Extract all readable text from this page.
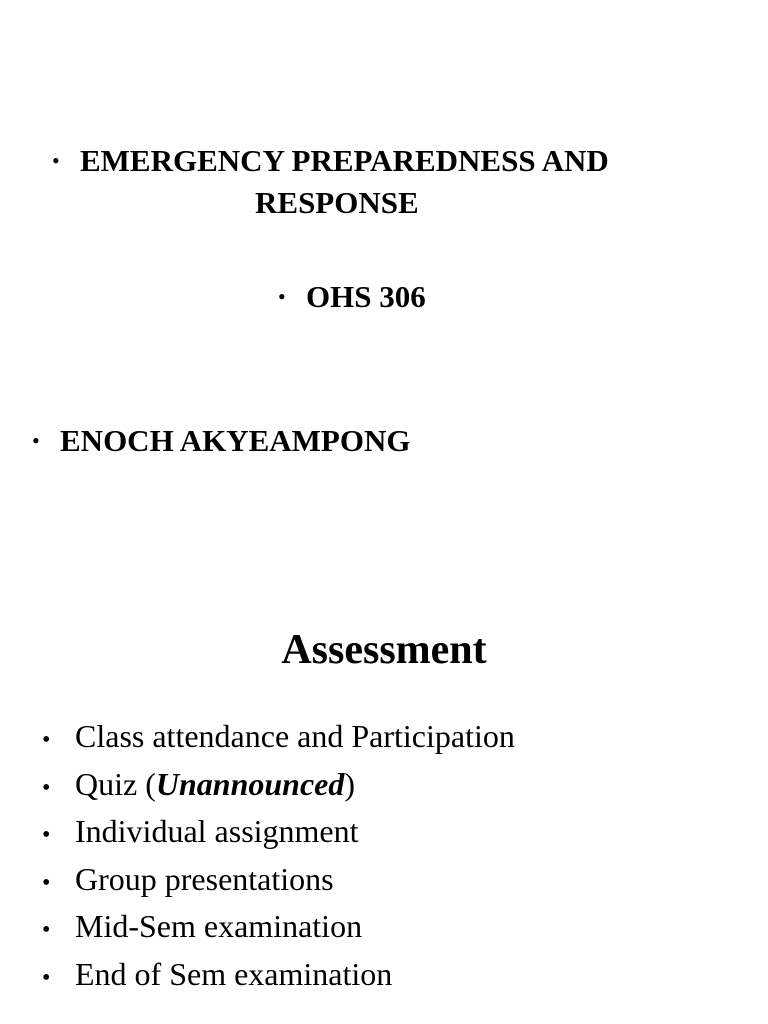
• EMERGENCY PREPAREDNESS AND
RESPONSE
• OHS 306
• ENOCH AKYEAMPONG
Assessment
• Class attendance and Participation
• Quiz (Unannounced)
• Individual assignment
• Group presentations
• Mid-Sem examination
• End of Sem examination
